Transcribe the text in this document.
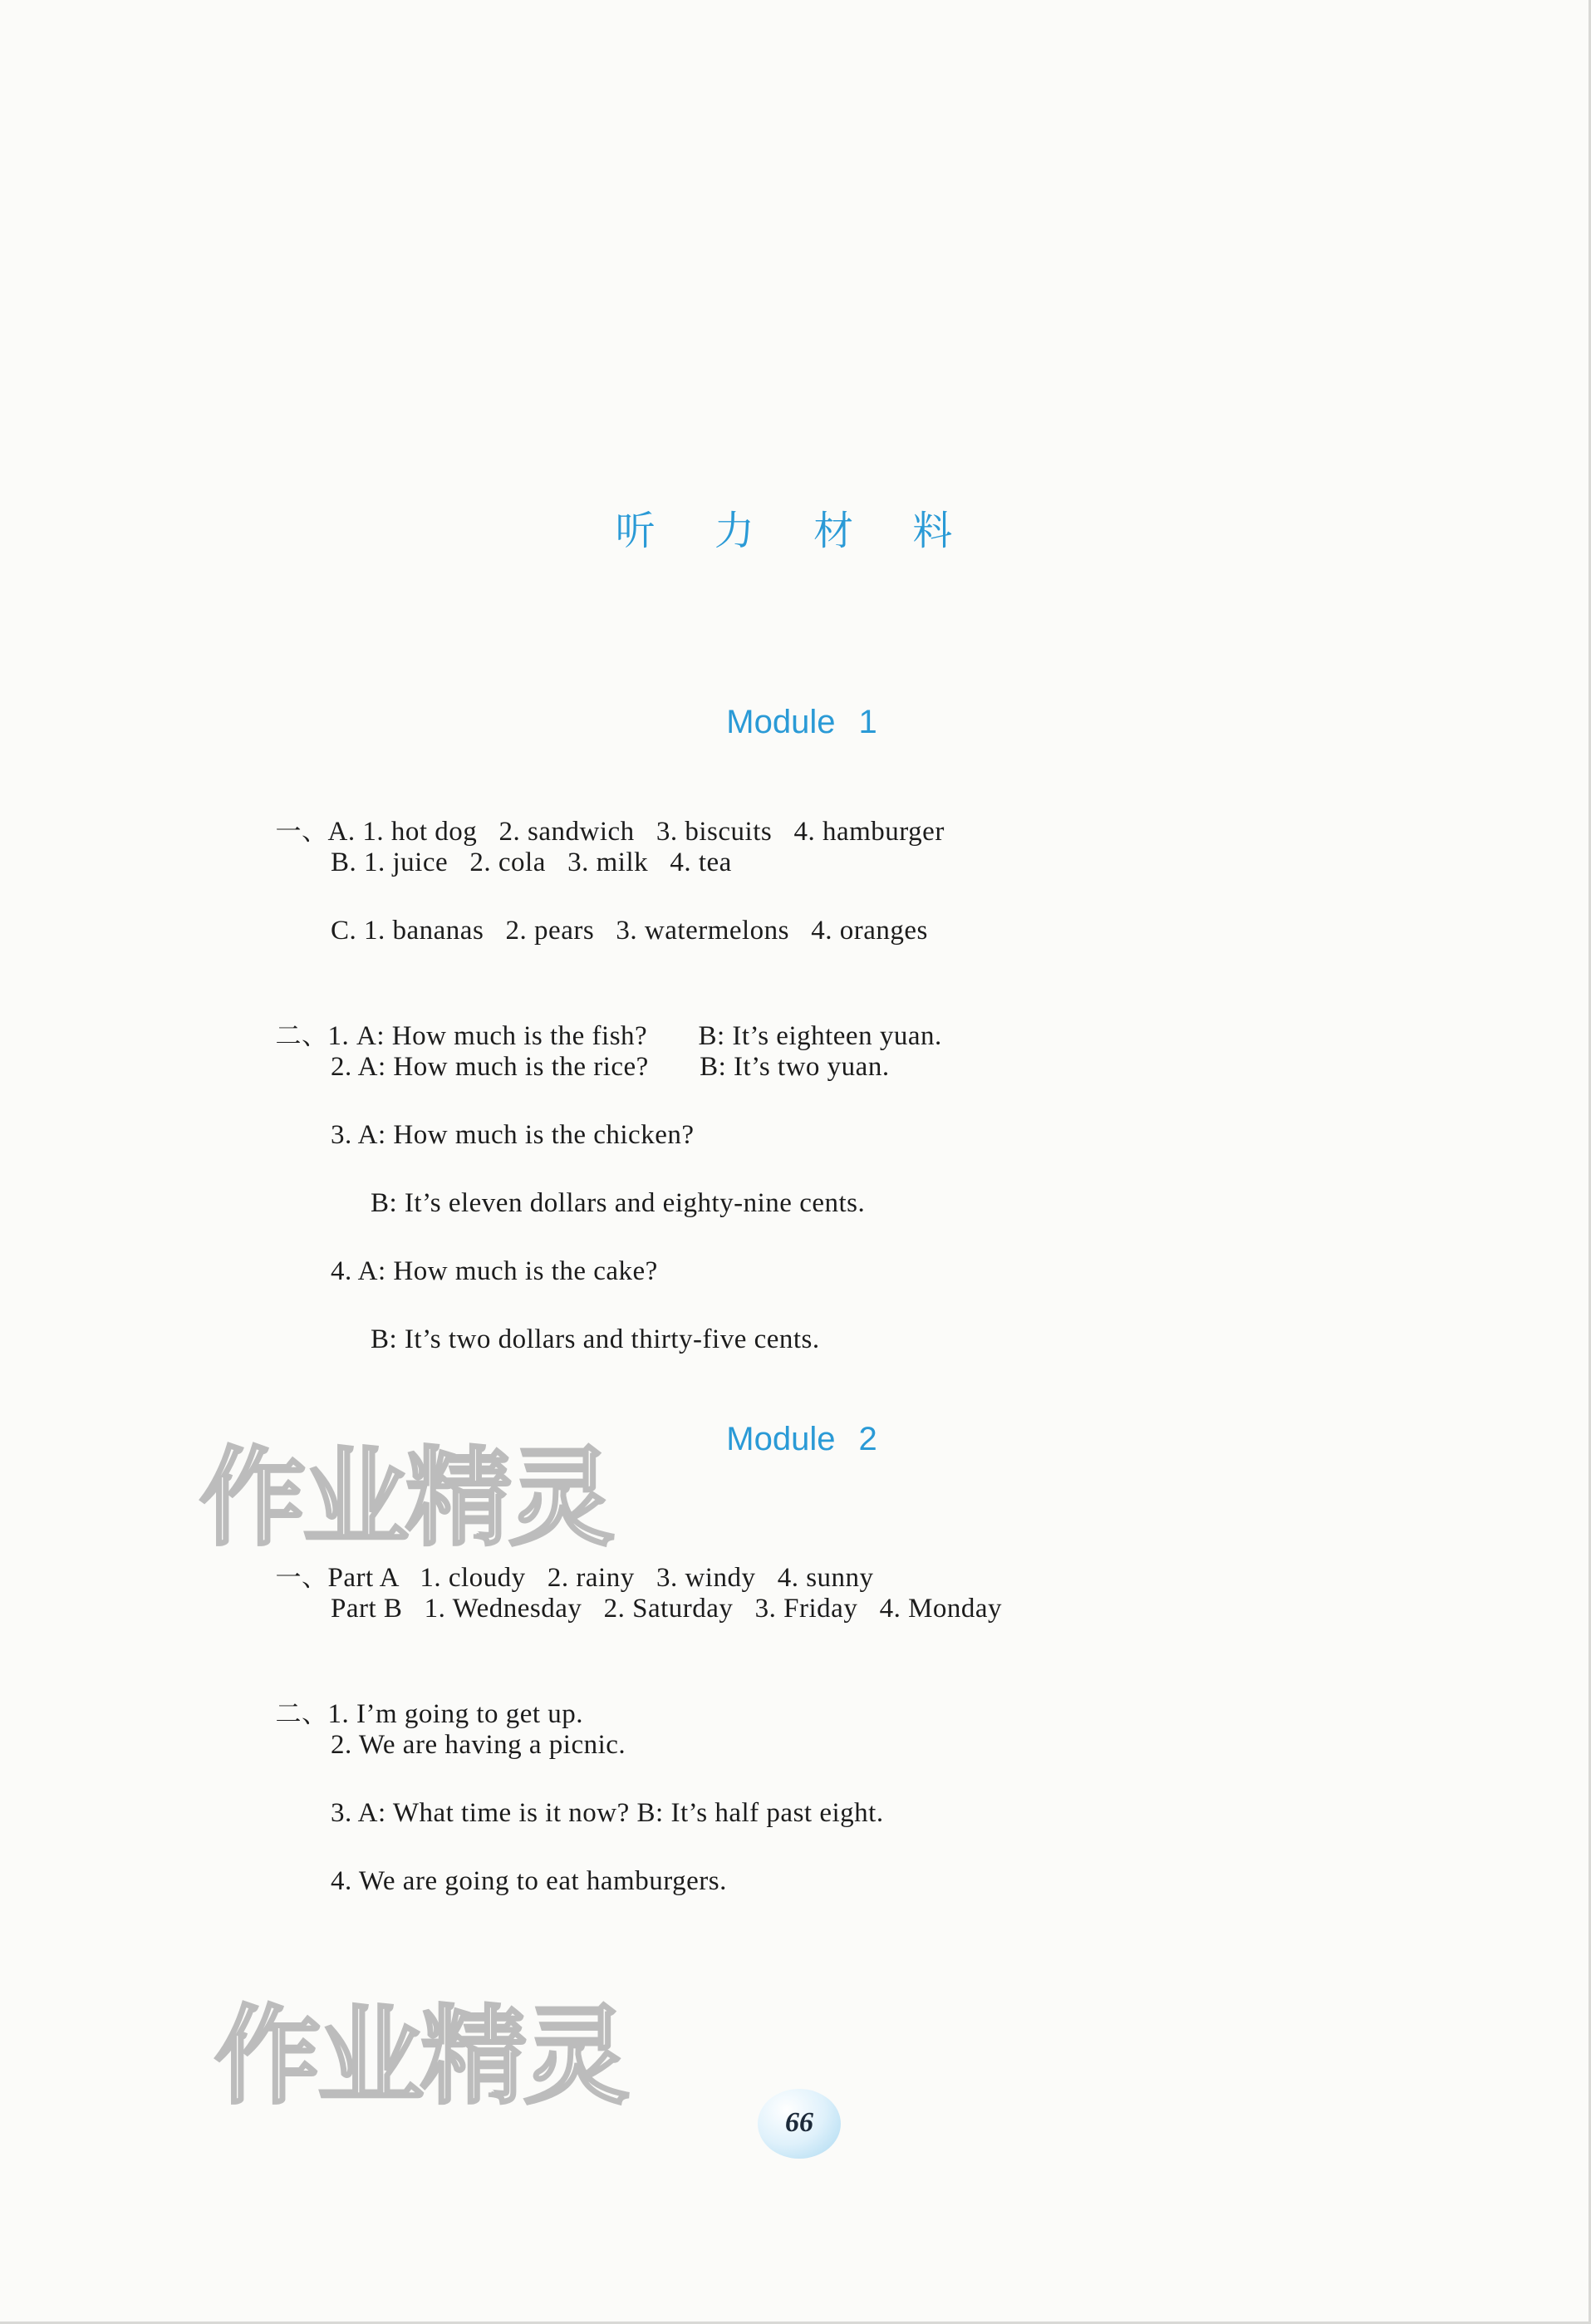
听 力 材 料
Module 1

一、A. 1. hot dog   2. sandwich   3. biscuits   4. hamburger

B. 1. juice   2. cola   3. milk   4. tea
C. 1. bananas   2. pears   3. watermelons   4. oranges

二、1. A: How much is the fish?       B: It’s eighteen yuan.

2. A: How much is the rice?       B: It’s two yuan.
3. A: How much is the chicken?
B: It’s eleven dollars and eighty-nine cents.
4. A: How much is the cake?
B: It’s two dollars and thirty-five cents.
Module 2

一、Part A   1. cloudy   2. rainy   3. windy   4. sunny

Part B   1. Wednesday   2. Saturday   3. Friday   4. Monday

二、1. I’m going to get up.

2. We are having a picnic.
3. A: What time is it now? B: It’s half past eight.
4. We are going to eat hamburgers.
作业精灵
作业精灵
66
